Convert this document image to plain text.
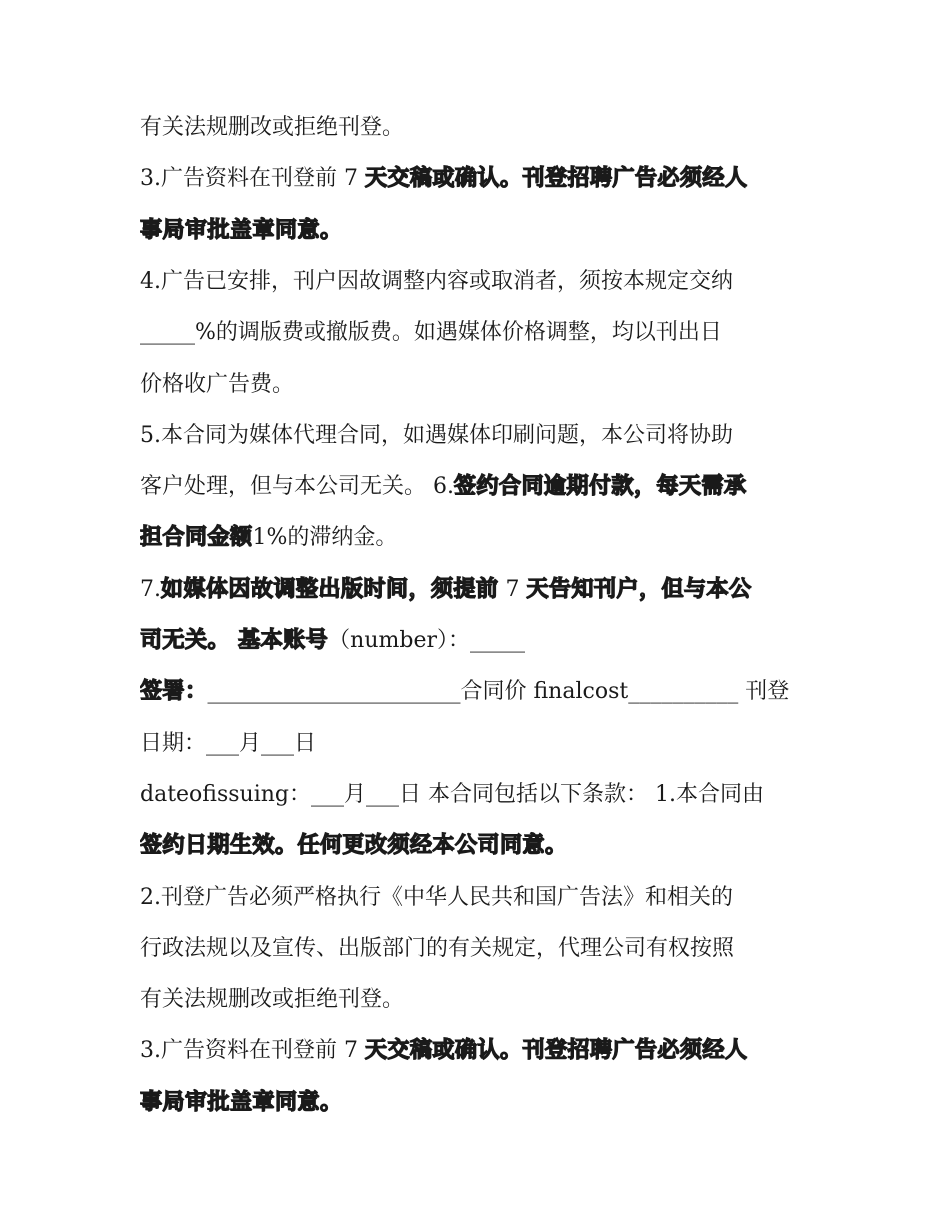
有关法规删改或拒绝刊登。
3.广告资料在刊登前 7 天交稿或确认。刊登招聘广告必须经人
事局审批盖章同意。
4.广告已安排，刊户因故调整内容或取消者，须按本规定交纳
_____%的调版费或撤版费。如遇媒体价格调整，均以刊出日
价格收广告费。
5.本合同为媒体代理合同，如遇媒体印刷问题，本公司将协助
客户处理，但与本公司无关。 6.签约合同逾期付款，每天需承
担合同金额1%的滞纳金。
7.如媒体因故调整出版时间，须提前 7 天告知刊户，但与本公
司无关。 基本账号（number）：_____
签署：_______________________合同价 finalcost__________ 刊登
日期：___月___日
dateofissuing：___月___日 本合同包括以下条款： 1.本合同由
签约日期生效。任何更改须经本公司同意。
2.刊登广告必须严格执行《中华人民共和国广告法》和相关的
行政法规以及宣传、出版部门的有关规定，代理公司有权按照
有关法规删改或拒绝刊登。
3.广告资料在刊登前 7 天交稿或确认。刊登招聘广告必须经人
事局审批盖章同意。
